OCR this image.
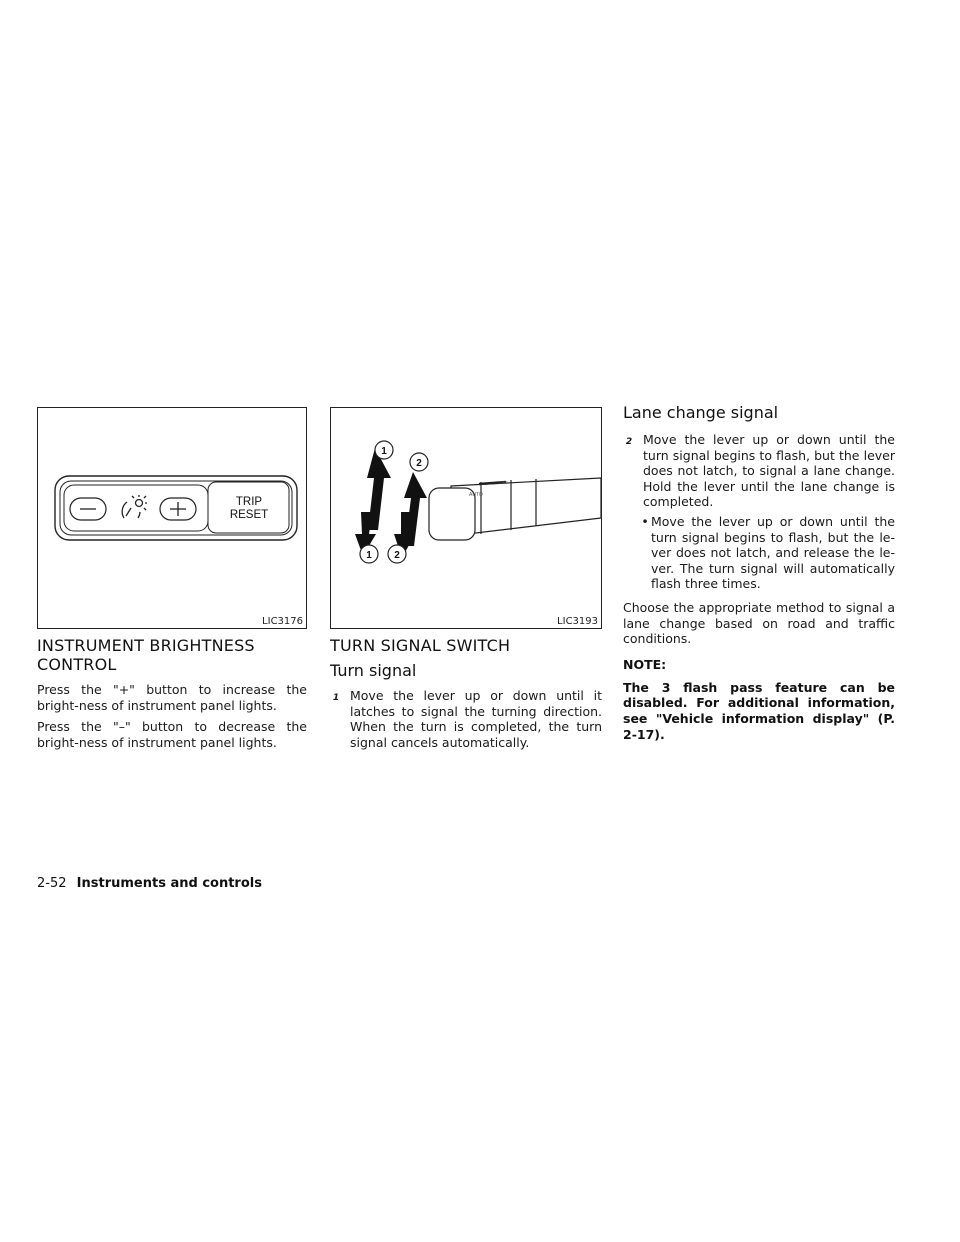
TRIP
RESET
LIC3176
AUTO
OFF
1
2
1 2
LIC3193
INSTRUMENT BRIGHTNESS
CONTROL

Press the "+" button to increase the bright-ness of instrument panel lights.

Press the "–" button to decrease the bright-ness of instrument panel lights.

TURN SIGNAL SWITCH
Turn signal
1 Move the lever up or down until it latches to signal the turning direction. When the turn is completed, the turn signal cancels automatically.
Lane change signal
2 Move the lever up or down until the turn signal begins to flash, but the lever does not latch, to signal a lane change. Hold the lever until the lane change is completed.
• Move the lever up or down until the turn signal begins to flash, but the le-ver does not latch, and release the le-ver. The turn signal will automatically flash three times.

Choose the appropriate method to signal a lane change based on road and traffic conditions.

NOTE:

The 3 flash pass feature can be disabled. For additional information, see "Vehicle information display" (P. 2-17).

2-52 Instruments and controls
